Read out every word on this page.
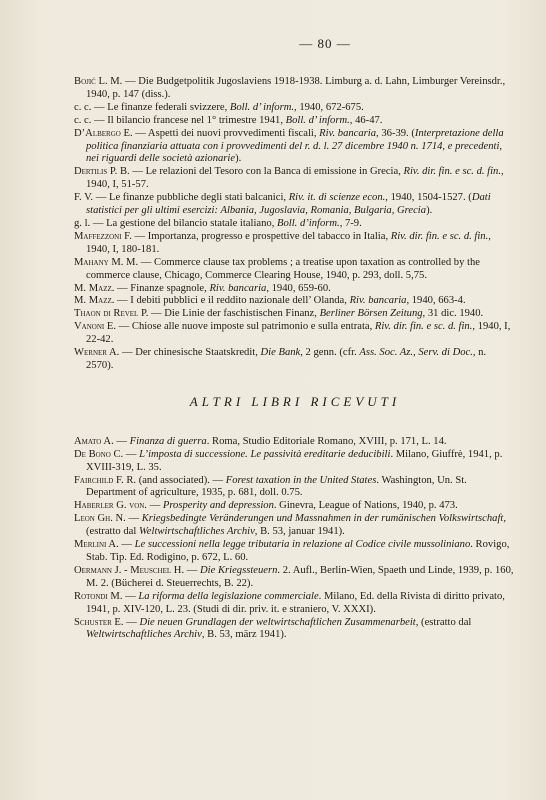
— 80 —

Bojić L. M. — Die Budgetpolitik Jugoslaviens 1918-1938. Limburg a. d. Lahn, Limburger Vereinsdr., 1940, p. 147 (diss.).

c. c. — Le finanze federali svizzere, Boll. d’ inform., 1940, 672-675.

c. c. — Il bilancio francese nel 1° trimestre 1941, Boll. d’ inform., 46-47.

D’Albergo E. — Aspetti dei nuovi provvedimenti fiscali, Riv. bancaria, 36-39. (Interpretazione della politica finanziaria attuata con i provvedimenti del r. d. l. 27 dicembre 1940 n. 1714, e precedenti, nei riguardi delle società azionarie).

Dertilis P. B. — Le relazioni del Tesoro con la Banca di emissione in Grecia, Riv. dir. fin. e sc. d. fin., 1940, I, 51-57.

F. V. — Le finanze pubbliche degli stati balcanici, Riv. it. di scienze econ., 1940, 1504-1527. (Dati statistici per gli ultimi esercizi: Albania, Jugoslavia, Romania, Bulgaria, Grecia).

g. l. — La gestione del bilancio statale italiano, Boll. d’inform., 7-9.

Maffezzoni F. — Importanza, progresso e prospettive del tabacco in Italia, Riv. dir. fin. e sc. d. fin., 1940, I, 180-181.

Mahany M. M. — Commerce clause tax problems ; a treatise upon taxation as controlled by the commerce clause, Chicago, Commerce Clearing House, 1940, p. 293, doll. 5,75.

M. Mazz. — Finanze spagnole, Riv. bancaria, 1940, 659-60.

M. Mazz. — I debiti pubblici e il reddito nazionale dell’ Olanda, Riv. bancaria, 1940, 663-4.

Thaon di Revel P. — Die Linie der faschistischen Finanz, Berliner Börsen Zeitung, 31 dic. 1940.

Vanoni E. — Chiose alle nuove imposte sul patrimonio e sulla entrata, Riv. dir. fin. e sc. d. fin., 1940, I, 22-42.

Werner A. — Der chinesische Staatskredit, Die Bank, 2 genn. (cfr. Ass. Soc. Az., Serv. di Doc., n. 2570).

ALTRI LIBRI RICEVUTI

Amato A. — Finanza di guerra. Roma, Studio Editoriale Romano, XVIII, p. 171, L. 14.

De Bono C. — L’imposta di successione. Le passività ereditarie deducibili. Milano, Giuffrè, 1941, p. XVIII-319, L. 35.

Fairchild F. R. (and associated). — Forest taxation in the United States. Washington, Un. St. Department of agriculture, 1935, p. 681, doll. 0.75.

Haberler G. von. — Prosperity and depression. Ginevra, League of Nations, 1940, p. 473.

Leon Gh. N. — Kriegsbedingte Veränderungen und Massnahmen in der rumänischen Volkswirtschaft, (estratto dal Weltwirtschaftliches Archiv, B. 53, januar 1941).

Merlini A. — Le successioni nella legge tributaria in relazione al Codice civile mussoliniano. Rovigo, Stab. Tip. Ed. Rodigino, p. 672, L. 60.

Oermann J. - Meuschel H. — Die Kriegssteuern. 2. Aufl., Berlin-Wien, Spaeth und Linde, 1939, p. 160, M. 2. (Bücherei d. Steuerrechts, B. 22).

Rotondi M. — La riforma della legislazione commerciale. Milano, Ed. della Rivista di diritto privato, 1941, p. XIV-120, L. 23. (Studi di dir. priv. it. e straniero, V. XXXI).

Schuster E. — Die neuen Grundlagen der weltwirtschaftlichen Zusammenarbeit, (estratto dal Weltwirtschaftliches Archiv, B. 53, märz 1941).
